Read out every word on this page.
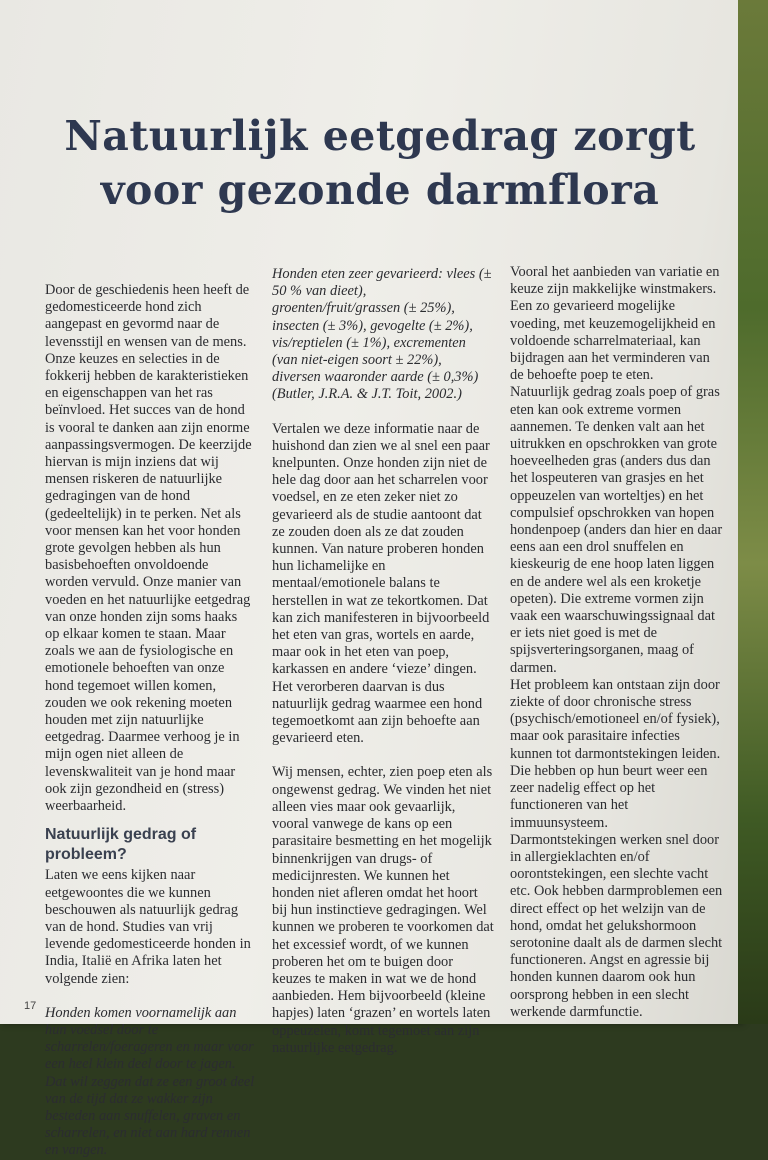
Natuurlijk eetgedrag zorgt voor gezonde darmflora

Door de geschiedenis heen heeft de gedomesticeerde hond zich aangepast en gevormd naar de levensstijl en wensen van de mens. Onze keuzes en selecties in de fokkerij hebben de karakteristieken en eigenschappen van het ras beïnvloed. Het succes van de hond is vooral te danken aan zijn enorme aanpassingsvermogen. De keerzijde hiervan is mijn inziens dat wij mensen riskeren de natuurlijke gedragingen van de hond (gedeeltelijk) in te perken. Net als voor mensen kan het voor honden grote gevolgen hebben als hun basisbehoeften onvoldoende worden vervuld. Onze manier van voeden en het natuurlijke eetgedrag van onze honden zijn soms haaks op elkaar komen te staan. Maar zoals we aan de fysiologische en emotionele behoeften van onze hond tegemoet willen komen, zouden we ook rekening moeten houden met zijn natuurlijke eetgedrag. Daarmee verhoog je in mijn ogen niet alleen de levenskwaliteit van je hond maar ook zijn gezondheid en (stress) weerbaarheid.

Natuurlijk gedrag of probleem?

Laten we eens kijken naar eetgewoontes die we kunnen beschouwen als natuurlijk gedrag van de hond. Studies van vrij levende gedomesticeerde honden in India, Italië en Afrika laten het volgende zien:

Honden komen voornamelijk aan hun voedsel door te scharrelen/foerageren en maar voor een heel klein deel door te jagen. Dat wil zeggen dat ze een groot deel van de tijd dat ze wakker zijn besteden aan snuffelen, graven en scharrelen, en niet aan hard rennen en vangen.

Honden eten zeer gevarieerd: vlees (± 50 % van dieet), groenten/fruit/grassen (± 25%), insecten (± 3%), gevogelte (± 2%), vis/reptielen (± 1%), excrementen (van niet-eigen soort ± 22%), diversen waaronder aarde (± 0,3%) (Butler, J.R.A. & J.T. Toit, 2002.)

Vertalen we deze informatie naar de huishond dan zien we al snel een paar knelpunten. Onze honden zijn niet de hele dag door aan het scharrelen voor voedsel, en ze eten zeker niet zo gevarieerd als de studie aantoont dat ze zouden doen als ze dat zouden kunnen. Van nature proberen honden hun lichamelijke en mentaal/emotionele balans te herstellen in wat ze tekortkomen. Dat kan zich manifesteren in bijvoorbeeld het eten van gras, wortels en aarde, maar ook in het eten van poep, karkassen en andere ‘vieze’ dingen. Het verorberen daarvan is dus natuurlijk gedrag waarmee een hond tegemoetkomt aan zijn behoefte aan gevarieerd eten.

Wij mensen, echter, zien poep eten als ongewenst gedrag. We vinden het niet alleen vies maar ook gevaarlijk, vooral vanwege de kans op een parasitaire besmetting en het mogelijk binnenkrijgen van drugs- of medicijnresten. We kunnen het honden niet afleren omdat het hoort bij hun instinctieve gedragingen. Wel kunnen we proberen te voorkomen dat het excessief wordt, of we kunnen proberen het om te buigen door keuzes te maken in wat we de hond aanbieden. Hem bijvoorbeeld (kleine hapjes) laten ‘grazen’ en wortels laten oppeuzelen, komt tegemoet aan zijn natuurlijke eetgedrag.

Vooral het aanbieden van variatie en keuze zijn makkelijke winstmakers. Een zo gevarieerd mogelijke voeding, met keuzemogelijkheid en voldoende scharrelmateriaal, kan bijdragen aan het verminderen van de behoefte poep te eten.

Natuurlijk gedrag zoals poep of gras eten kan ook extreme vormen aannemen. Te denken valt aan het uitrukken en opschrokken van grote hoeveelheden gras (anders dus dan het lospeuteren van grasjes en het oppeuzelen van worteltjes) en het compulsief opschrokken van hopen hondenpoep (anders dan hier en daar eens aan een drol snuffelen en kieskeurig de ene hoop laten liggen en de andere wel als een kroketje opeten). Die extreme vormen zijn vaak een waarschuwingssignaal dat er iets niet goed is met de spijsverteringsorganen, maag of darmen.

Het probleem kan ontstaan zijn door ziekte of door chronische stress (psychisch/emotioneel en/of fysiek), maar ook parasitaire infecties kunnen tot darmontstekingen leiden. Die hebben op hun beurt weer een zeer nadelig effect op het functioneren van het immuunsysteem.

Darmontstekingen werken snel door in allergieklachten en/of oorontstekingen, een slechte vacht etc. Ook hebben darmproblemen een direct effect op het welzijn van de hond, omdat het gelukshormoon serotonine daalt als de darmen slecht functioneren. Angst en agressie bij honden kunnen daarom ook hun oorsprong hebben in een slecht werkende darmfunctie.

17
